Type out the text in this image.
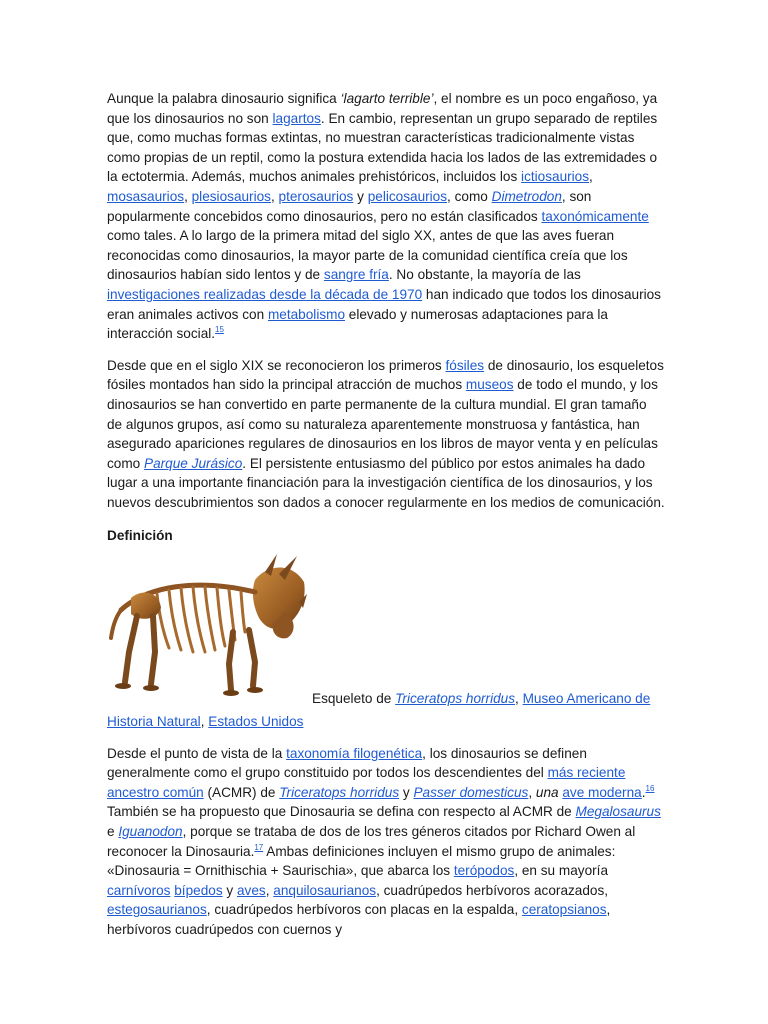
Aunque la palabra dinosaurio significa ‘lagarto terrible’, el nombre es un poco engañoso, ya que los dinosaurios no son lagartos. En cambio, representan un grupo separado de reptiles que, como muchas formas extintas, no muestran características tradicionalmente vistas como propias de un reptil, como la postura extendida hacia los lados de las extremidades o la ectotermia. Además, muchos animales prehistóricos, incluidos los ictiosaurios, mosasaurios, plesiosaurios, pterosaurios y pelicosaurios, como Dimetrodon, son popularmente concebidos como dinosaurios, pero no están clasificados taxonómicamente como tales. A lo largo de la primera mitad del siglo XX, antes de que las aves fueran reconocidas como dinosaurios, la mayor parte de la comunidad científica creía que los dinosaurios habían sido lentos y de sangre fría. No obstante, la mayoría de las investigaciones realizadas desde la década de 1970 han indicado que todos los dinosaurios eran animales activos con metabolismo elevado y numerosas adaptaciones para la interacción social.$^{15}$

Desde que en el siglo XIX se reconocieron los primeros fósiles de dinosaurio, los esqueletos fósiles montados han sido la principal atracción de muchos museos de todo el mundo, y los dinosaurios se han convertido en parte permanente de la cultura mundial. El gran tamaño de algunos grupos, así como su naturaleza aparentemente monstruosa y fantástica, han asegurado apariciones regulares de dinosaurios en los libros de mayor venta y en películas como Parque Jurásico. El persistente entusiasmo del público por estos animales ha dado lugar a una importante financiación para la investigación científica de los dinosaurios, y los nuevos descubrimientos son dados a conocer regularmente en los medios de comunicación.

Definición
Esqueleto de Triceratops horridus, Museo Americano de

Historia Natural, Estados Unidos

Desde el punto de vista de la taxonomía filogenética, los dinosaurios se definen generalmente como el grupo constituido por todos los descendientes del más reciente ancestro común (ACMR) de Triceratops horridus y Passer domesticus, una ave moderna.$^{16}$ También se ha propuesto que Dinosauria se defina con respecto al ACMR de Megalosaurus e Iguanodon, porque se trataba de dos de los tres géneros citados por Richard Owen al reconocer la Dinosauria.$^{17}$ Ambas definiciones incluyen el mismo grupo de animales: «Dinosauria = Ornithischia + Saurischia», que abarca los terópodos, en su mayoría carnívoros bípedos y aves, anquilosaurianos, cuadrúpedos herbívoros acorazados, estegosaurianos, cuadrúpedos herbívoros con placas en la espalda, ceratopsianos, herbívoros cuadrúpedos con cuernos y
